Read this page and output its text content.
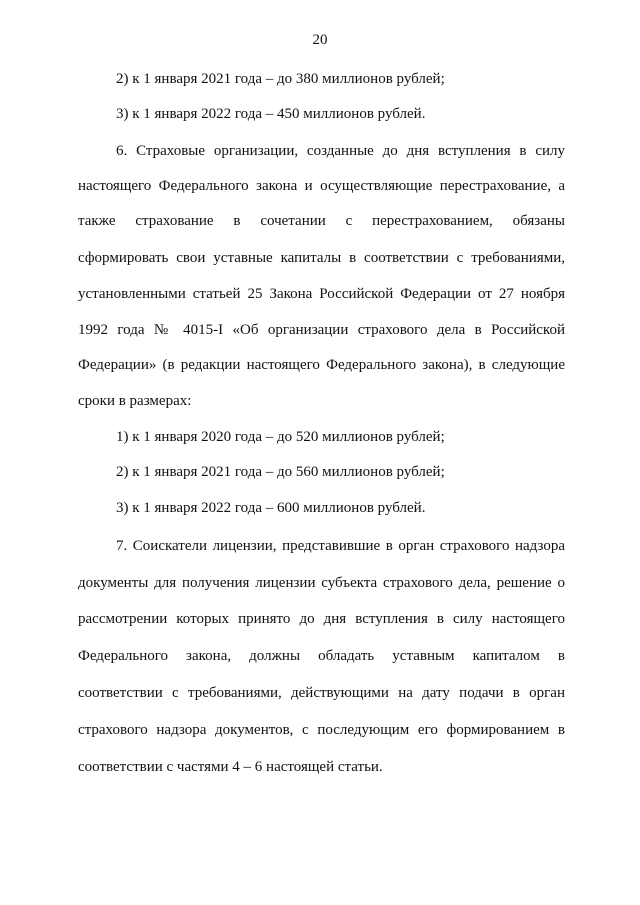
20
2) к 1 января 2021 года – до 380 миллионов рублей;
3) к 1 января 2022 года – 450 миллионов рублей.
6. Страховые организации, созданные до дня вступления в силу
настоящего Федерального закона и осуществляющие перестрахование, а
также страхование в сочетании с перестрахованием, обязаны
сформировать свои уставные капиталы в соответствии с требованиями,
установленными статьей 25 Закона Российской Федерации от 27 ноября
1992 года № 4015-I «Об организации страхового дела в Российской
Федерации» (в редакции настоящего Федерального закона), в следующие
сроки в размерах:
1) к 1 января 2020 года – до 520 миллионов рублей;
2) к 1 января 2021 года – до 560 миллионов рублей;
3) к 1 января 2022 года – 600 миллионов рублей.
7. Соискатели лицензии, представившие в орган страхового надзора
документы для получения лицензии субъекта страхового дела, решение о
рассмотрении которых принято до дня вступления в силу настоящего
Федерального закона, должны обладать уставным капиталом в
соответствии с требованиями, действующими на дату подачи в орган
страхового надзора документов, с последующим его формированием в
соответствии с частями 4 – 6 настоящей статьи.
